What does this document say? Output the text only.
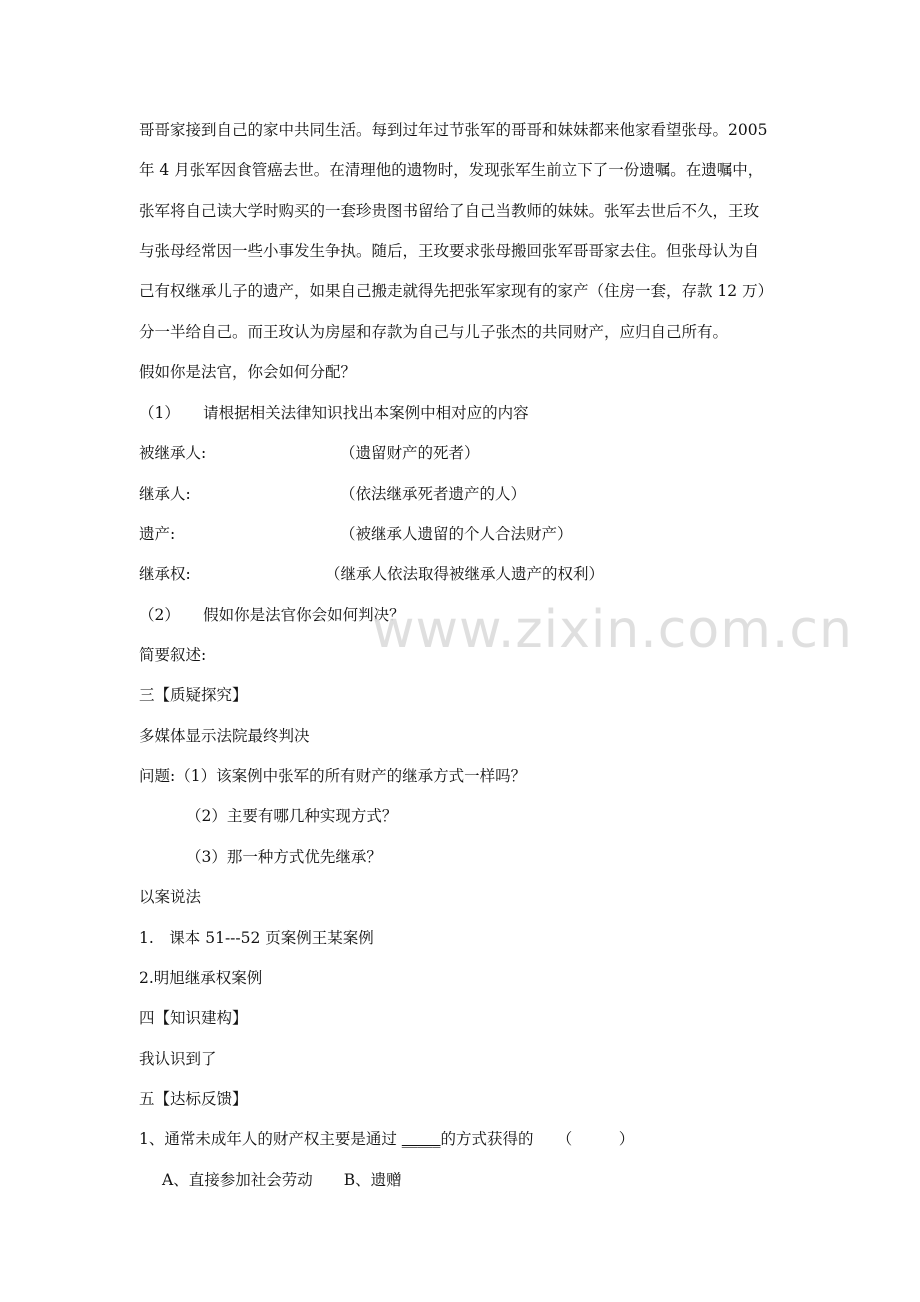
哥哥家接到自己的家中共同生活。每到过年过节张军的哥哥和妹妹都来他家看望张母。2005
年 4 月张军因食管癌去世。在清理他的遗物时，发现张军生前立下了一份遗嘱。在遗嘱中，
张军将自己读大学时购买的一套珍贵图书留给了自己当教师的妹妹。张军去世后不久，王玫
与张母经常因一些小事发生争执。随后，王玫要求张母搬回张军哥哥家去住。但张母认为自
己有权继承儿子的遗产，如果自己搬走就得先把张军家现有的家产（住房一套，存款 12 万）
分一半给自己。而王玫认为房屋和存款为自己与儿子张杰的共同财产，应归自己所有。
假如你是法官，你会如何分配？
（1）　　请根据相关法律知识找出本案例中相对应的内容
被继承人:	（遗留财产的死者）
继承人:	（依法继承死者遗产的人）
遗产:	（被继承人遗留的个人合法财产）
继承权:	（继承人依法取得被继承人遗产的权利）
（2）　　假如你是法官你会如何判决？
简要叙述:
三【质疑探究】
多媒体显示法院最终判决
问题:（1）该案例中张军的所有财产的继承方式一样吗？
（2）主要有哪几种实现方式？
（3）那一种方式优先继承？
以案说法
1.　课本 51---52 页案例王某案例
2.明旭继承权案例
四【知识建构】
我认识到了
五【达标反馈】
1、通常未成年人的财产权主要是通过 _____的方式获得的　　（　　　）
A、直接参加社会劳动　　B、遗赠
www.zixin.com.cn
